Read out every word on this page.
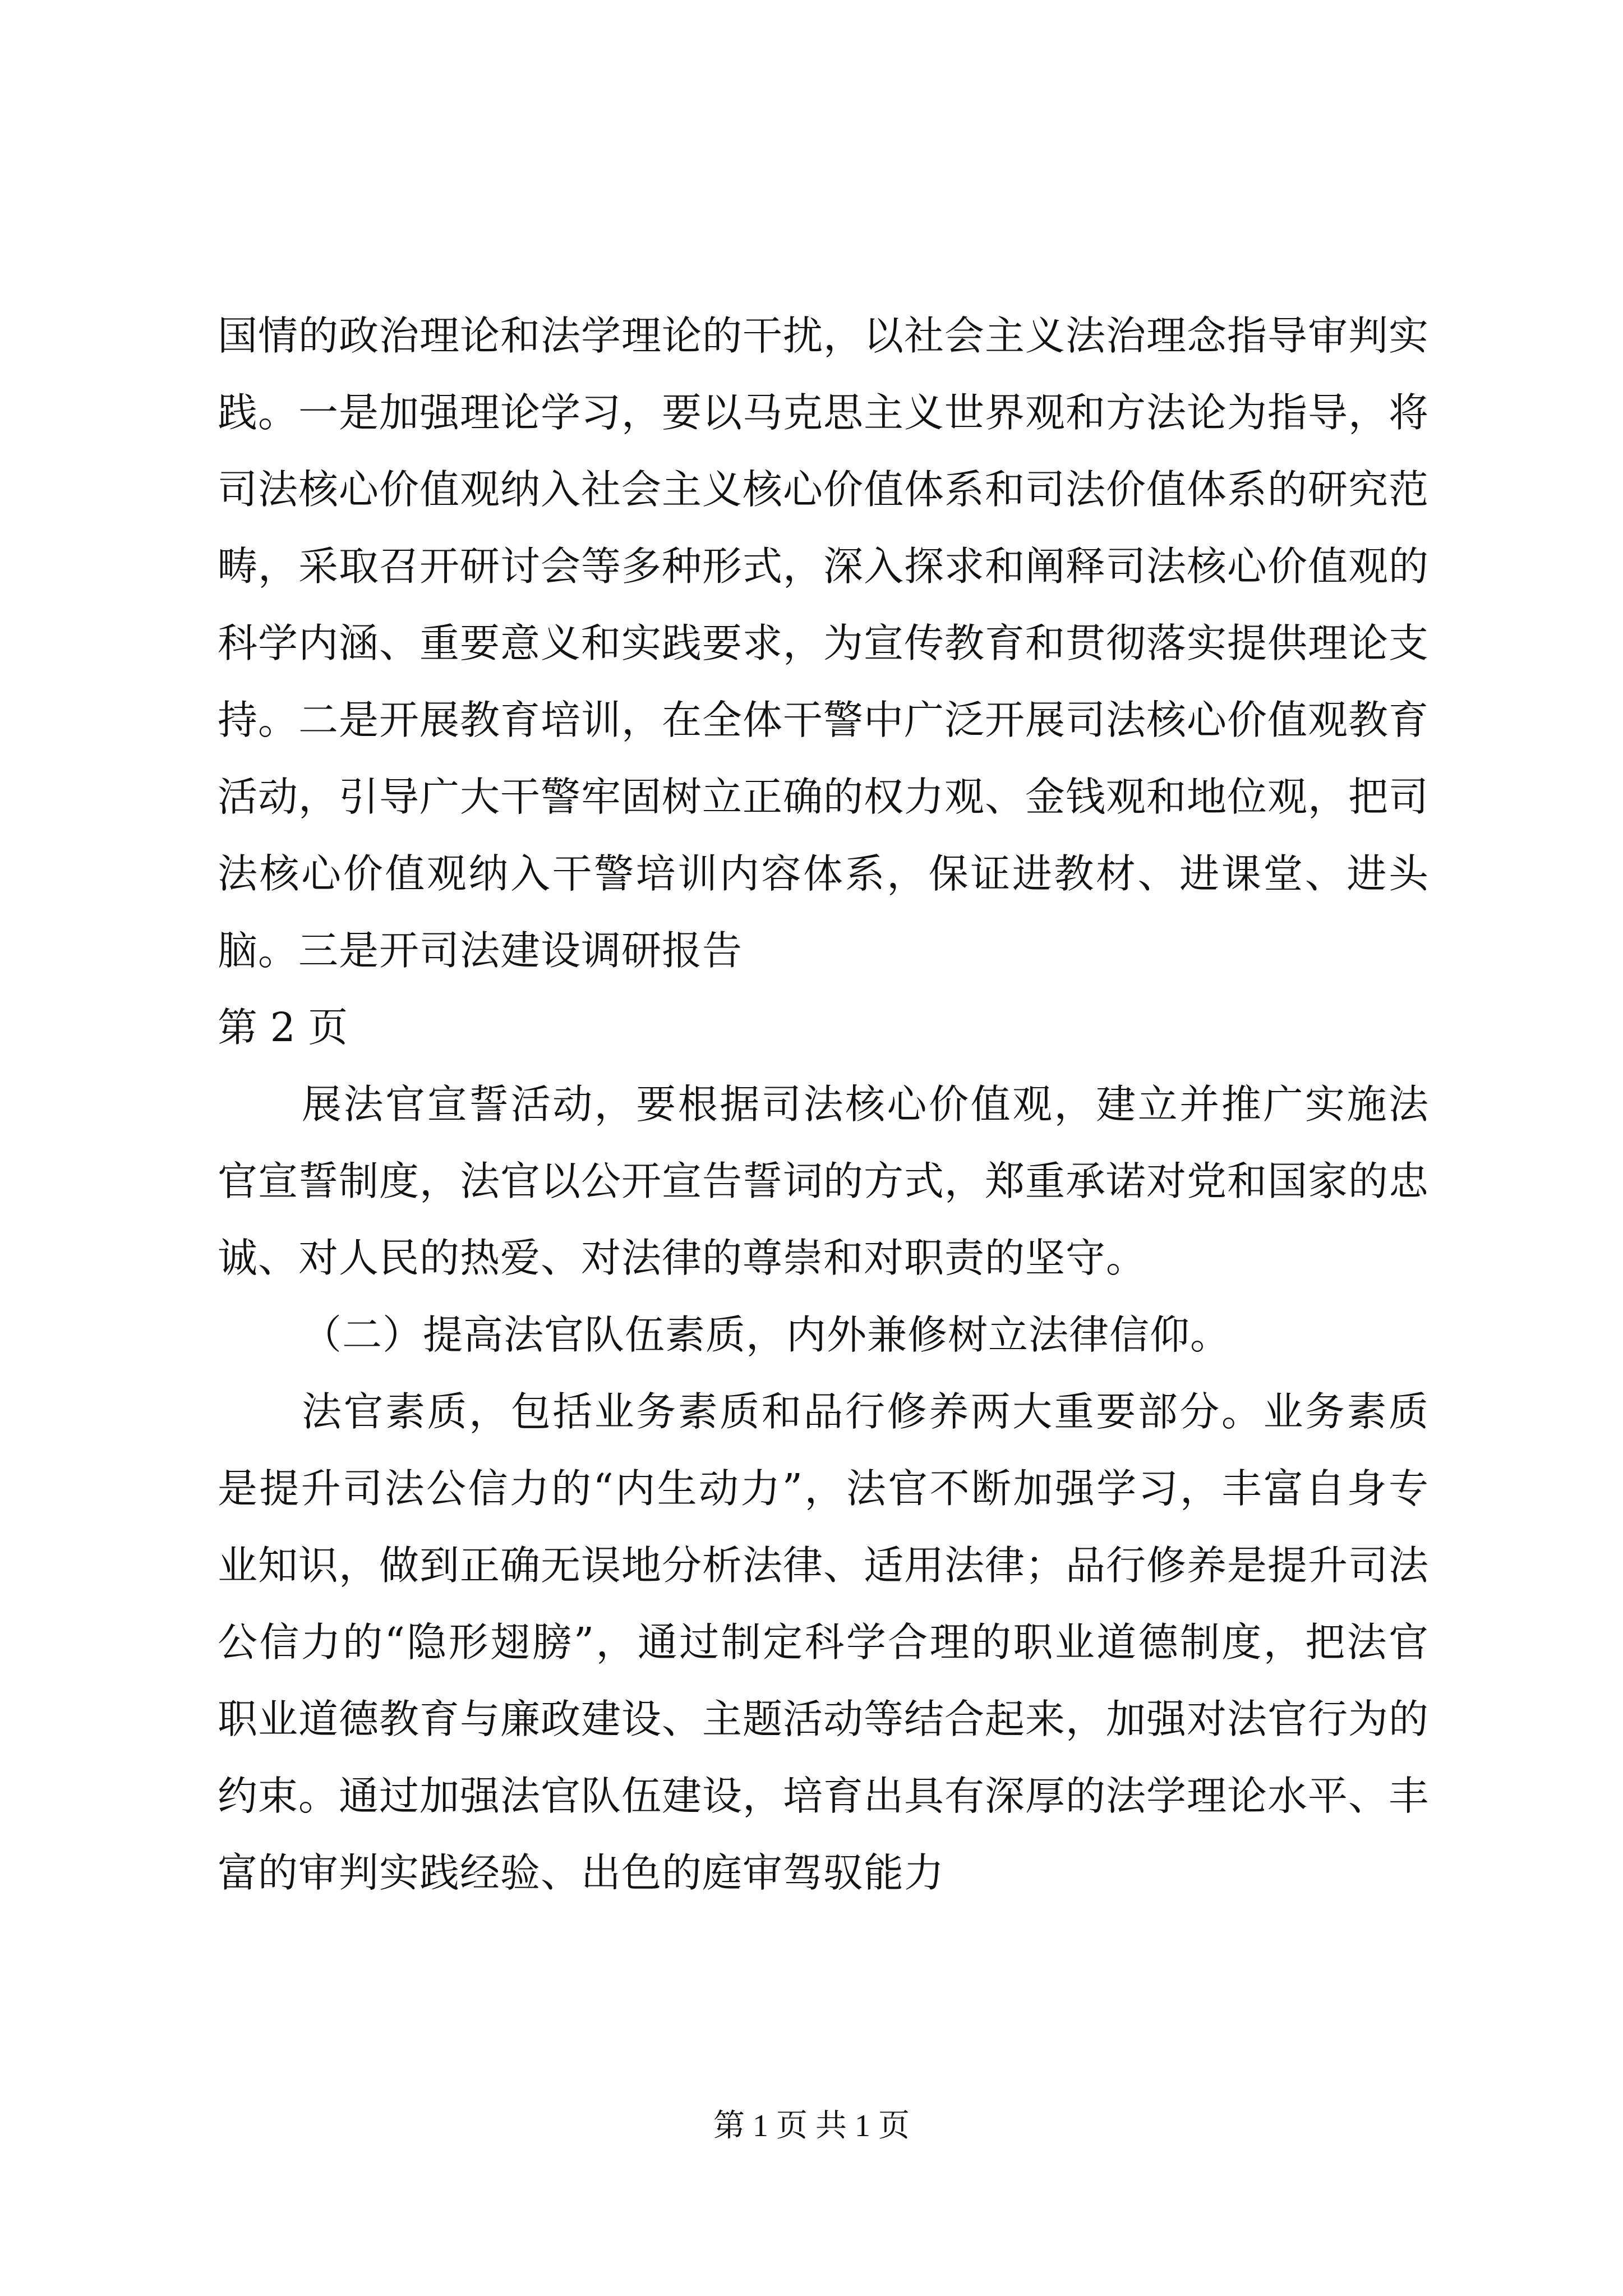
国情的政治理论和法学理论的干扰，以社会主义法治理念指导审判实践。一是加强理论学习，要以马克思主义世界观和方法论为指导，将司法核心价值观纳入社会主义核心价值体系和司法价值体系的研究范畴，采取召开研讨会等多种形式，深入探求和阐释司法核心价值观的科学内涵、重要意义和实践要求，为宣传教育和贯彻落实提供理论支持。二是开展教育培训，在全体干警中广泛开展司法核心价值观教育活动，引导广大干警牢固树立正确的权力观、金钱观和地位观，把司法核心价值观纳入干警培训内容体系，保证进教材、进课堂、进头脑。三是开司法建设调研报告

第 2 页

展法官宣誓活动，要根据司法核心价值观，建立并推广实施法官宣誓制度，法官以公开宣告誓词的方式，郑重承诺对党和国家的忠诚、对人民的热爱、对法律的尊崇和对职责的坚守。

（二）提高法官队伍素质，内外兼修树立法律信仰。

法官素质，包括业务素质和品行修养两大重要部分。业务素质是提升司法公信力的“内生动力”，法官不断加强学习，丰富自身专业知识，做到正确无误地分析法律、适用法律；品行修养是提升司法公信力的“隐形翅膀”，通过制定科学合理的职业道德制度，把法官职业道德教育与廉政建设、主题活动等结合起来，加强对法官行为的约束。通过加强法官队伍建设，培育出具有深厚的法学理论水平、丰富的审判实践经验、出色的庭审驾驭能力

第 1 页 共 1 页
